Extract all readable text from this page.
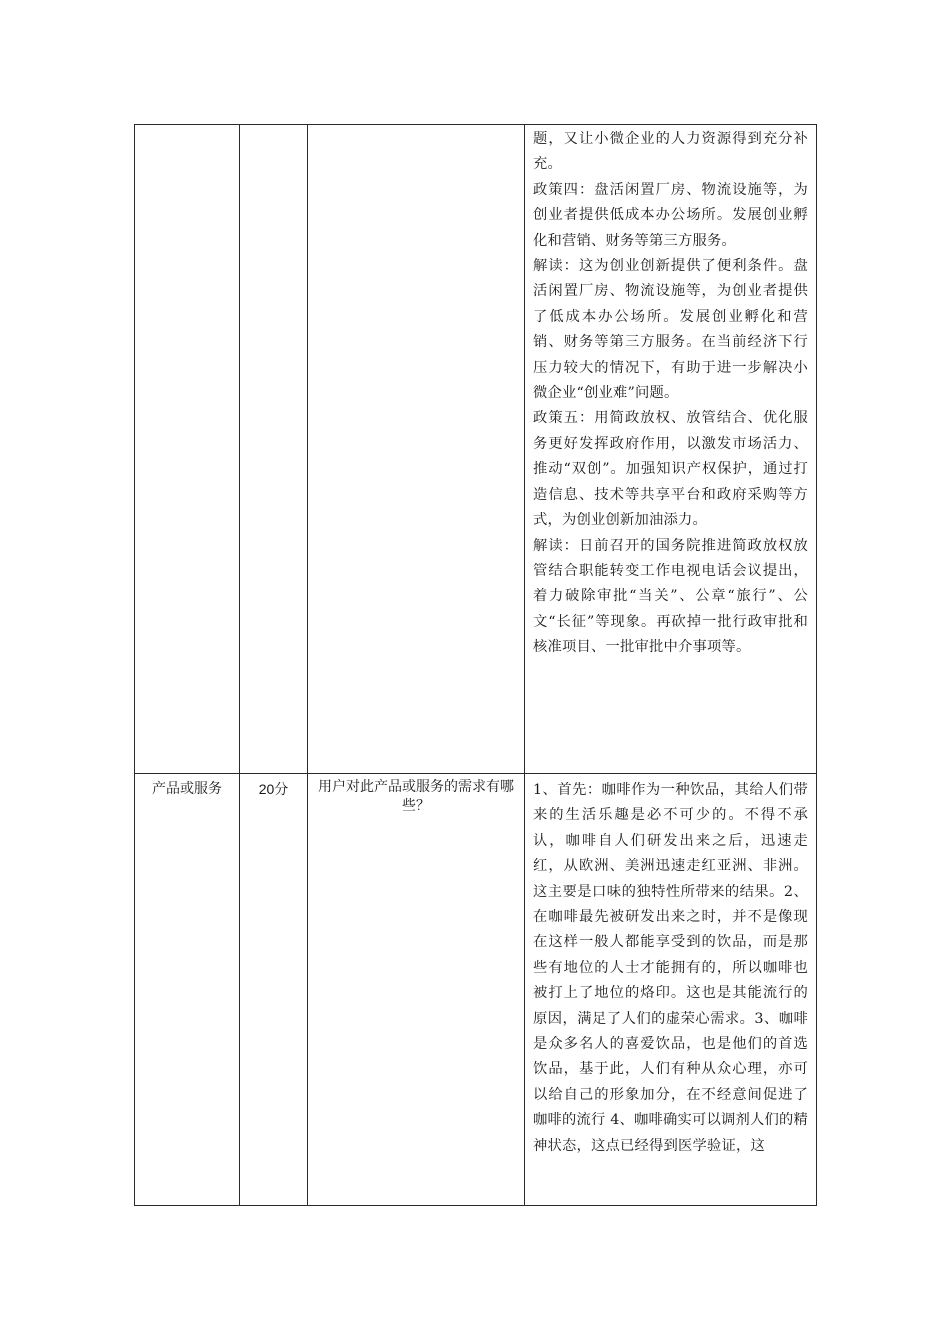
			题，又让小微企业的人力资源得到充分补充。

政策四：盘活闲置厂房、物流设施等，为创业者提供低成本办公场所。发展创业孵化和营销、财务等第三方服务。

解读：这为创业创新提供了便利条件。盘活闲置厂房、物流设施等，为创业者提供了低成本办公场所。发展创业孵化和营销、财务等第三方服务。在当前经济下行压力较大的情况下，有助于进一步解决小微企业“创业难”问题。

政策五：用简政放权、放管结合、优化服务更好发挥政府作用，以激发市场活力、推动“双创”。加强知识产权保护，通过打造信息、技术等共享平台和政府采购等方式，为创业创新加油添力。

解读：日前召开的国务院推进简政放权放管结合职能转变工作电视电话会议提出，着力破除审批“当关”、公章“旅行”、公文“长征”等现象。再砍掉一批行政审批和核准项目、一批审批中介事项等。

产品或服务	20分	用户对此产品或服务的需求有哪些？	1、首先：咖啡作为一种饮品，其给人们带来的生活乐趣是必不可少的。不得不承认，咖啡自人们研发出来之后，迅速走红，从欧洲、美洲迅速走红亚洲、非洲。这主要是口味的独特性所带来的结果。2、在咖啡最先被研发出来之时，并不是像现在这样一般人都能享受到的饮品，而是那些有地位的人士才能拥有的，所以咖啡也被打上了地位的烙印。这也是其能流行的原因，满足了人们的虚荣心需求。3、咖啡是众多名人的喜爱饮品，也是他们的首选饮品，基于此，人们有种从众心理，亦可以给自己的形象加分，在不经意间促进了咖啡的流行 4、咖啡确实可以调剂人们的精神状态，这点已经得到医学验证，这
